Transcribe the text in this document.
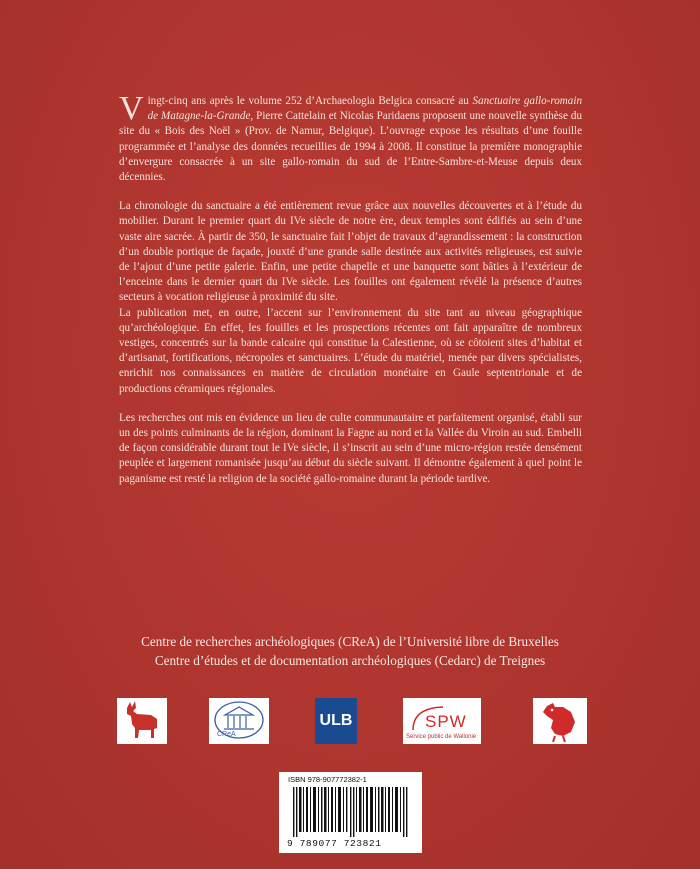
Vingt-cinq ans après le volume 252 d’Archaeologia Belgica consacré au Sanctuaire gallo-romain de Matagne-la-Grande, Pierre Cattelain et Nicolas Paridaens proposent une nouvelle synthèse du site du « Bois des Noël » (Prov. de Namur, Belgique). L’ouvrage expose les résultats d’une fouille programmée et l’analyse des données recueillies de 1994 à 2008. Il constitue la première monographie d’envergure consacrée à un site gallo-romain du sud de l’Entre-Sambre-et-Meuse depuis deux décennies.

La chronologie du sanctuaire a été entièrement revue grâce aux nouvelles découvertes et à l’étude du mobilier. Durant le premier quart du IVe siècle de notre ère, deux temples sont édifiés au sein d’une vaste aire sacrée. À partir de 350, le sanctuaire fait l’objet de travaux d’agrandissement : la construction d’un double portique de façade, jouxté d’une grande salle destinée aux activités religieuses, est suivie de l’ajout d’une petite galerie. Enfin, une petite chapelle et une banquette sont bâties à l’extérieur de l’enceinte dans le dernier quart du IVe siècle. Les fouilles ont également révélé la présence d’autres secteurs à vocation religieuse à proximité du site.

La publication met, en outre, l’accent sur l’environnement du site tant au niveau géographique qu’archéologique. En effet, les fouilles et les prospections récentes ont fait apparaître de nombreux vestiges, concentrés sur la bande calcaire qui constitue la Calestienne, où se côtoient sites d’habitat et d’artisanat, fortifications, nécropoles et sanctuaires. L’étude du matériel, menée par divers spécialistes, enrichit nos connaissances en matière de circulation monétaire en Gaule septentrionale et de productions céramiques régionales.

Les recherches ont mis en évidence un lieu de culte communautaire et parfaitement organisé, établi sur un des points culminants de la région, dominant la Fagne au nord et la Vallée du Viroin au sud. Embelli de façon considérable durant tout le IVe siècle, il s’inscrit au sein d’une micro-région restée densément peuplée et largement romanisée jusqu’au début du siècle suivant. Il démontre également à quel point le paganisme est resté la religion de la société gallo-romaine durant la période tardive.

Centre de recherches archéologiques (CReA) de l’Université libre de Bruxelles
Centre d’études et de documentation archéologiques (Cedarc) de Treignes
CReA
ULB	SPW
Service public de Wallonie
ISBN 978-907772382-1
9 789077 723821
